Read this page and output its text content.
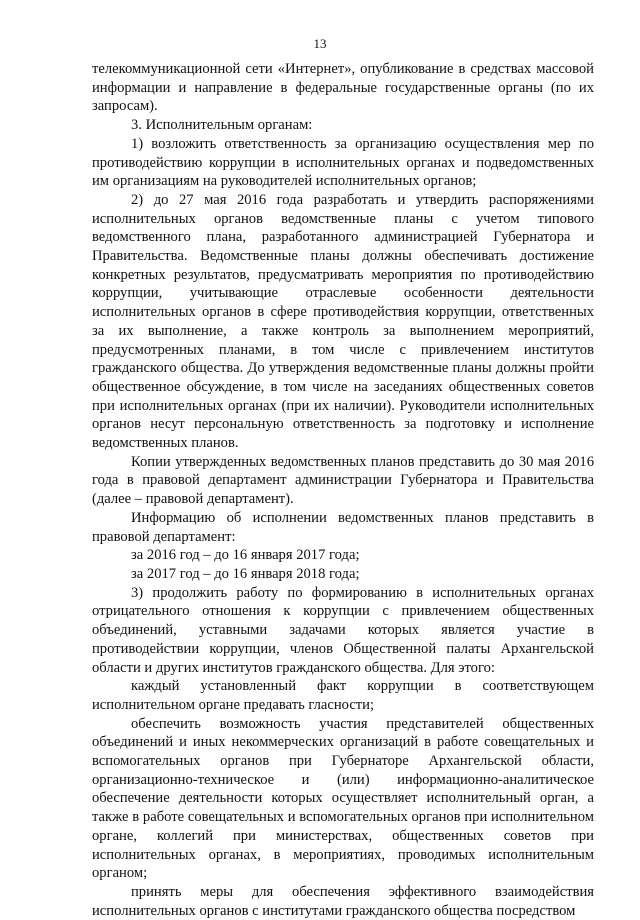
13

телекоммуникационной сети «Интернет», опубликование в средствах массовой информации и направление в федеральные государственные органы (по их запросам).

3. Исполнительным органам:

1) возложить ответственность за организацию осуществления мер по противодействию коррупции в исполнительных органах и подведомственных им организациям на руководителей исполнительных органов;

2) до 27 мая 2016 года разработать и утвердить распоряжениями исполнительных органов ведомственные планы с учетом типового ведомственного плана, разработанного администрацией Губернатора и Правительства. Ведомственные планы должны обеспечивать достижение конкретных результатов, предусматривать мероприятия по противодействию коррупции, учитывающие отраслевые особенности деятельности исполнительных органов в сфере противодействия коррупции, ответственных за их выполнение, а также контроль за выполнением мероприятий, предусмотренных планами, в том числе с привлечением институтов гражданского общества. До утверждения ведомственные планы должны пройти общественное обсуждение, в том числе на заседаниях общественных советов при исполнительных органах (при их наличии). Руководители исполнительных органов несут персональную ответственность за подготовку и исполнение ведомственных планов.

Копии утвержденных ведомственных планов представить до 30 мая 2016 года в правовой департамент администрации Губернатора и Правительства (далее – правовой департамент).

Информацию об исполнении ведомственных планов представить в правовой департамент:

за 2016 год – до 16 января 2017 года;

за 2017 год – до 16 января 2018 года;

3) продолжить работу по формированию в исполнительных органах отрицательного отношения к коррупции с привлечением общественных объединений, уставными задачами которых является участие в противодействии коррупции, членов Общественной палаты Архангельской области и других институтов гражданского общества. Для этого:

каждый установленный факт коррупции в соответствующем исполнительном органе предавать гласности;

обеспечить возможность участия представителей общественных объединений и иных некоммерческих организаций в работе совещательных и вспомогательных органов при Губернаторе Архангельской области, организационно-техническое и (или) информационно-аналитическое обеспечение деятельности которых осуществляет исполнительный орган, а также в работе совещательных и вспомогательных органов при исполнительном органе, коллегий при министерствах, общественных советов при исполнительных органах, в мероприятиях, проводимых исполнительным органом;

принять меры для обеспечения эффективного взаимодействия исполнительных органов с институтами гражданского общества посредством
